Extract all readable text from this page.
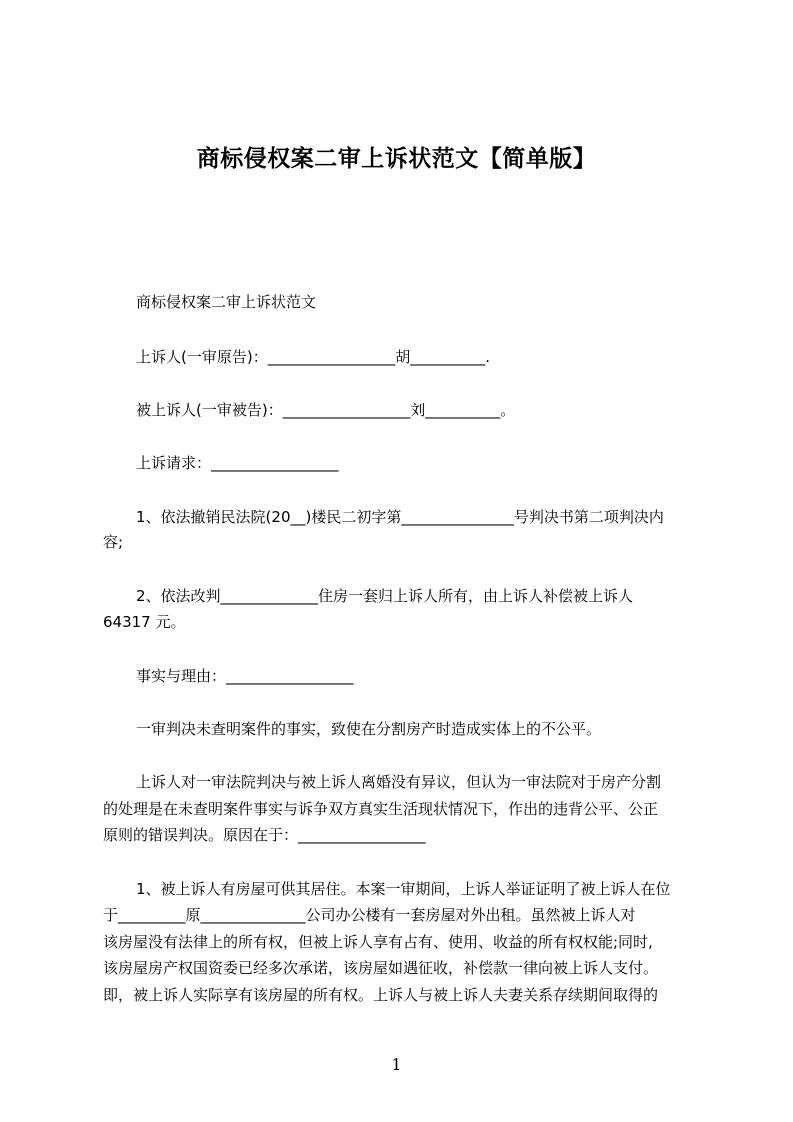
商标侵权案二审上诉状范文【简单版】
商标侵权案二审上诉状范文
上诉人(一审原告)：_________________胡__________.
被上诉人(一审被告)：_________________刘__________。
上诉请求：_________________
1、依法撤销民法院(20__)楼民二初字第_______________号判决书第二项判决内
容;
2、依法改判_____________住房一套归上诉人所有，由上诉人补偿被上诉人
64317 元。
事实与理由：_________________
一审判决未查明案件的事实，致使在分割房产时造成实体上的不公平。
上诉人对一审法院判决与被上诉人离婚没有异议，但认为一审法院对于房产分割
的处理是在未查明案件事实与诉争双方真实生活现状情况下，作出的违背公平、公正
原则的错误判决。原因在于：_________________
1、被上诉人有房屋可供其居住。本案一审期间，上诉人举证证明了被上诉人在位
于_________原______________公司办公楼有一套房屋对外出租。虽然被上诉人对
该房屋没有法律上的所有权，但被上诉人享有占有、使用、收益的所有权权能;同时,
该房屋房产权国资委已经多次承诺，该房屋如遇征收，补偿款一律向被上诉人支付。
即，被上诉人实际享有该房屋的所有权。上诉人与被上诉人夫妻关系存续期间取得的
1
